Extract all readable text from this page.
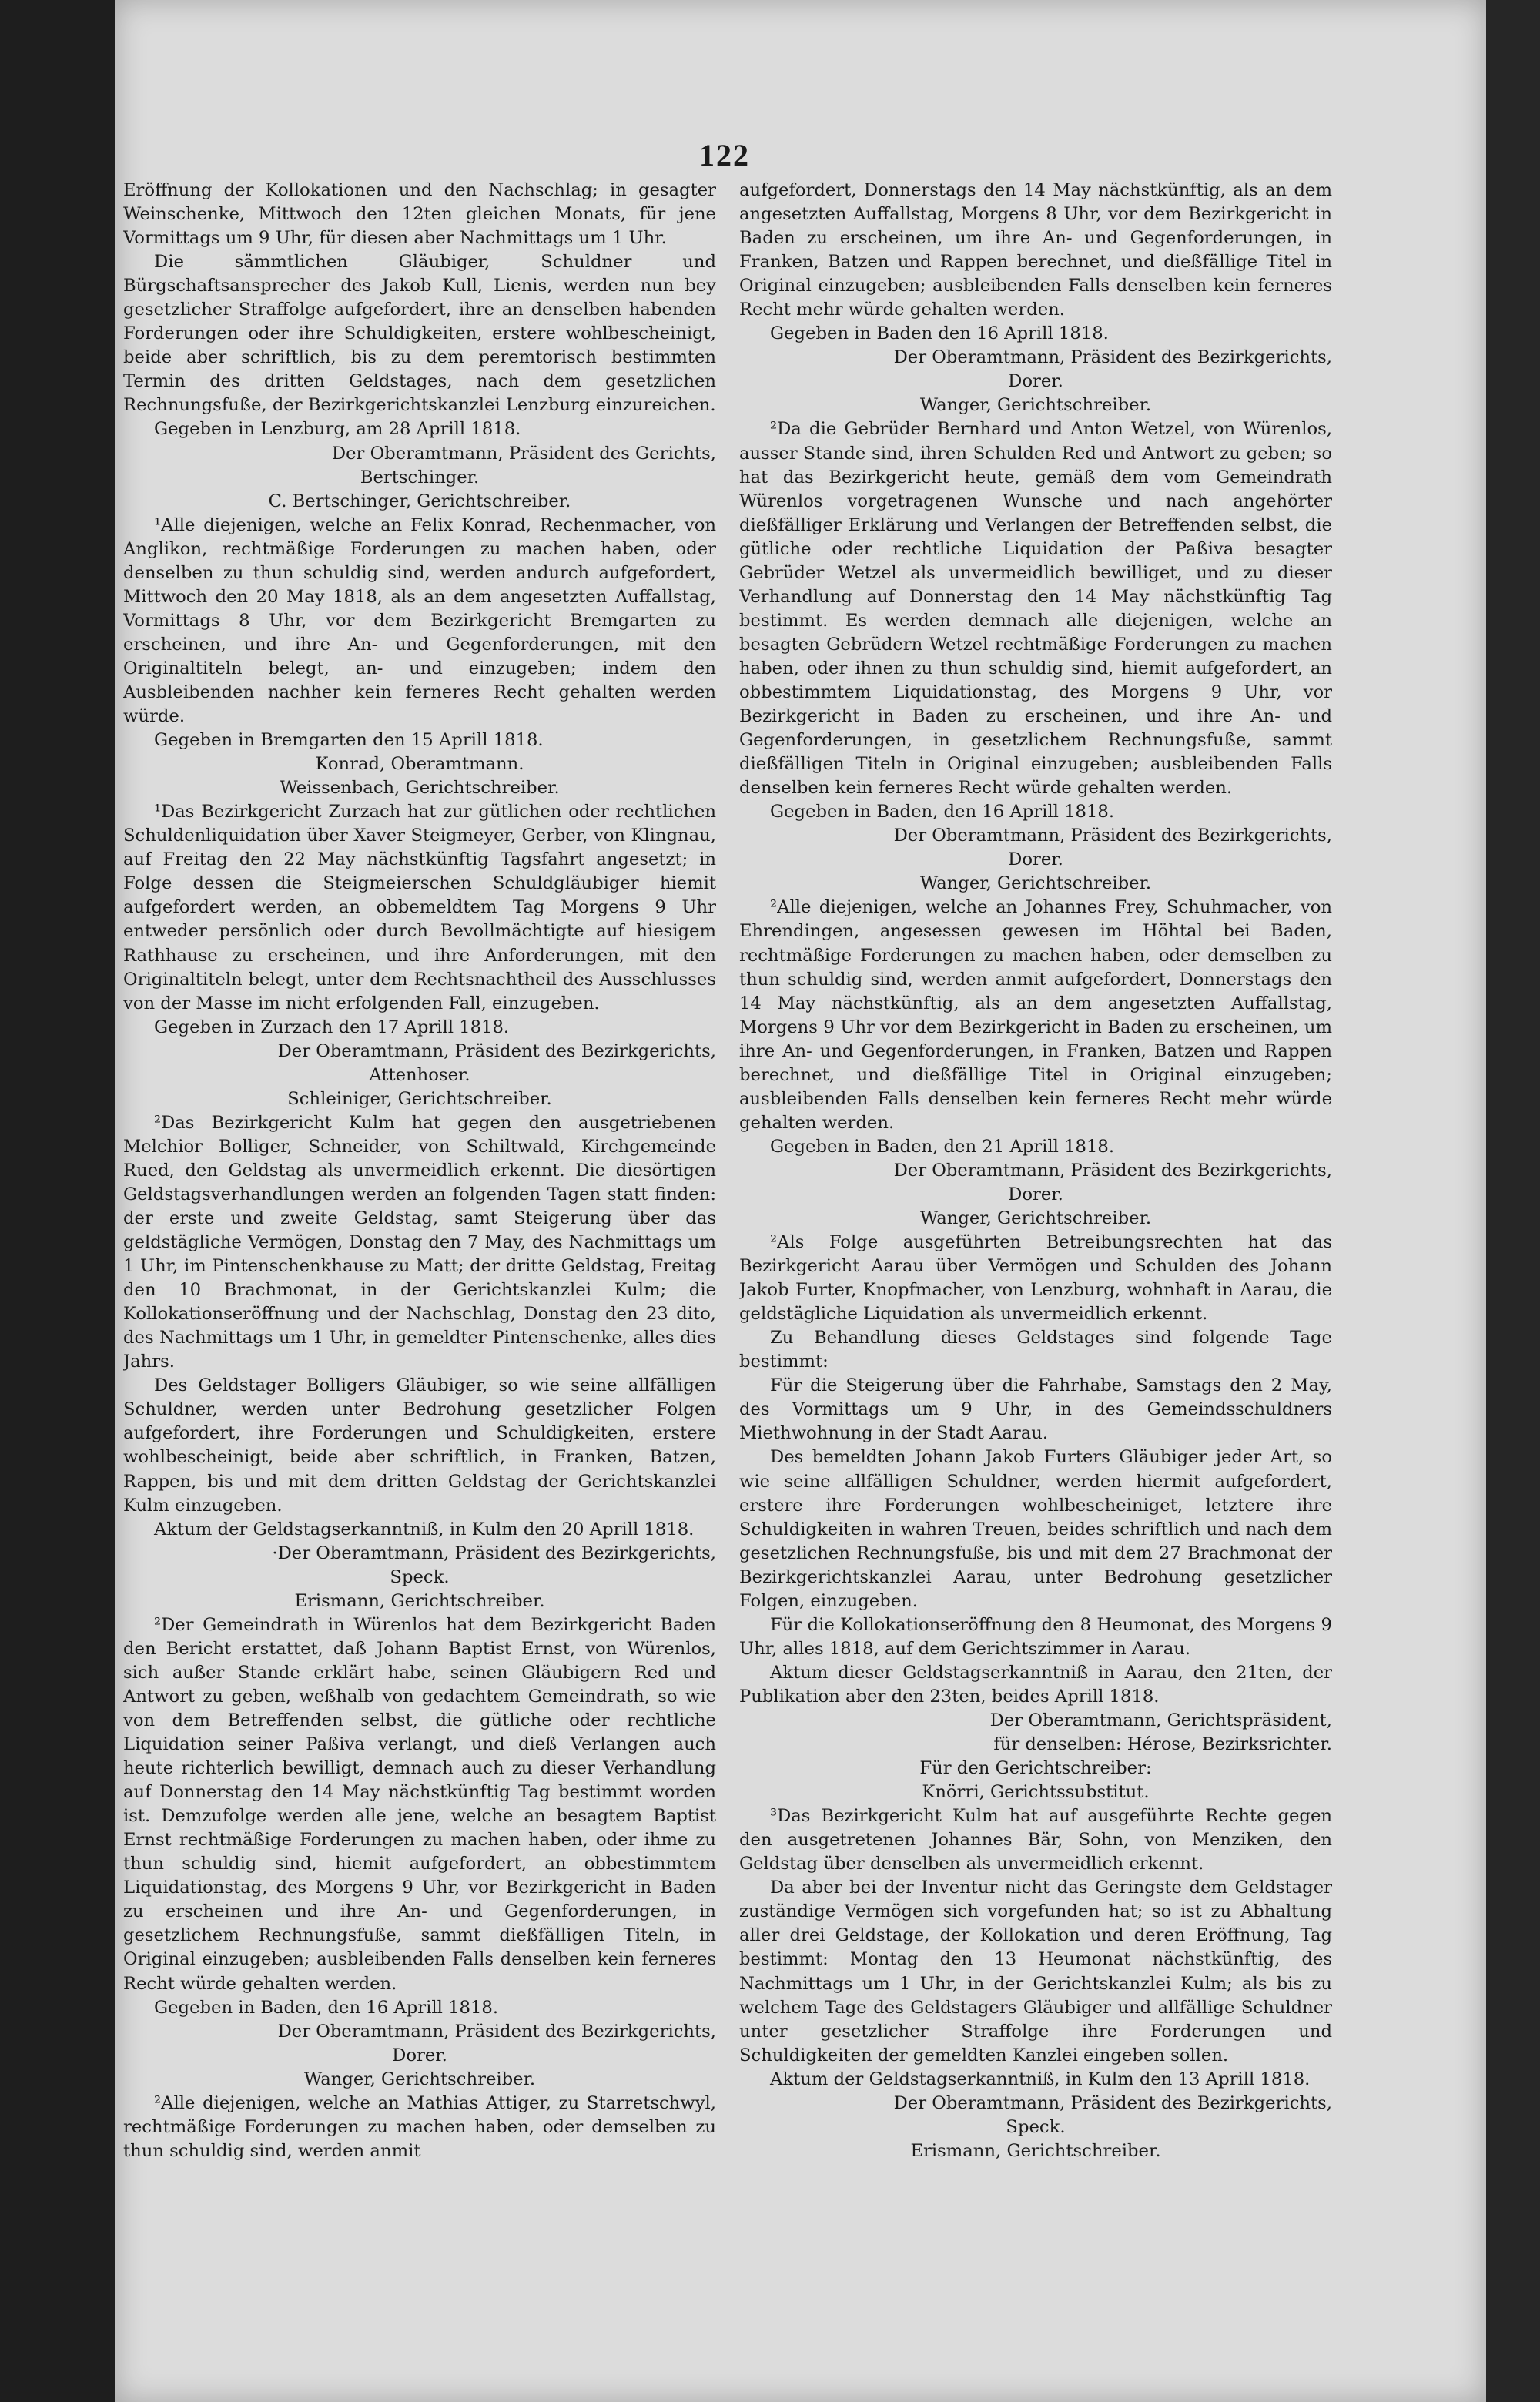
122

Eröffnung der Kollokationen und den Nachschlag; in gesagter Weinschenke, Mittwoch den 12ten gleichen Monats, für jene Vormittags um 9 Uhr, für diesen aber Nachmittags um 1 Uhr.

Die sämmtlichen Gläubiger, Schuldner und Bürgschaftsansprecher des Jakob Kull, Lienis, werden nun bey gesetzlicher Straffolge aufgefordert, ihre an denselben habenden Forderungen oder ihre Schuldigkeiten, erstere wohlbescheinigt, beide aber schriftlich, bis zu dem peremtorisch bestimmten Termin des dritten Geldstages, nach dem gesetzlichen Rechnungsfuße, der Bezirkgerichtskanzlei Lenzburg einzureichen.

Gegeben in Lenzburg, am 28 Aprill 1818.

Der Oberamtmann, Präsident des Gerichts,

Bertschinger.

C. Bertschinger, Gerichtschreiber.

¹Alle diejenigen, welche an Felix Konrad, Rechenmacher, von Anglikon, rechtmäßige Forderungen zu machen haben, oder denselben zu thun schuldig sind, werden andurch aufgefordert, Mittwoch den 20 May 1818, als an dem angesetzten Auffallstag, Vormittags 8 Uhr, vor dem Bezirkgericht Bremgarten zu erscheinen, und ihre An- und Gegenforderungen, mit den Originaltiteln belegt, an- und einzugeben; indem den Ausbleibenden nachher kein ferneres Recht gehalten werden würde.

Gegeben in Bremgarten den 15 Aprill 1818.

Konrad, Oberamtmann.

Weissenbach, Gerichtschreiber.

¹Das Bezirkgericht Zurzach hat zur gütlichen oder rechtlichen Schuldenliquidation über Xaver Steigmeyer, Gerber, von Klingnau, auf Freitag den 22 May nächstkünftig Tagsfahrt angesetzt; in Folge dessen die Steigmeierschen Schuldgläubiger hiemit aufgefordert werden, an obbemeldtem Tag Morgens 9 Uhr entweder persönlich oder durch Bevollmächtigte auf hiesigem Rathhause zu erscheinen, und ihre Anforderungen, mit den Originaltiteln belegt, unter dem Rechtsnachtheil des Ausschlusses von der Masse im nicht erfolgenden Fall, einzugeben.

Gegeben in Zurzach den 17 Aprill 1818.

Der Oberamtmann, Präsident des Bezirkgerichts,

Attenhoser.

Schleiniger, Gerichtschreiber.

²Das Bezirkgericht Kulm hat gegen den ausgetriebenen Melchior Bolliger, Schneider, von Schiltwald, Kirchgemeinde Rued, den Geldstag als unvermeidlich erkennt. Die diesörtigen Geldstagsverhandlungen werden an folgenden Tagen statt finden: der erste und zweite Geldstag, samt Steigerung über das geldstägliche Vermögen, Donstag den 7 May, des Nachmittags um 1 Uhr, im Pintenschenkhause zu Matt; der dritte Geldstag, Freitag den 10 Brachmonat, in der Gerichtskanzlei Kulm; die Kollokationseröffnung und der Nachschlag, Donstag den 23 dito, des Nachmittags um 1 Uhr, in gemeldter Pintenschenke, alles dies Jahrs.

Des Geldstager Bolligers Gläubiger, so wie seine allfälligen Schuldner, werden unter Bedrohung gesetzlicher Folgen aufgefordert, ihre Forderungen und Schuldigkeiten, erstere wohlbescheinigt, beide aber schriftlich, in Franken, Batzen, Rappen, bis und mit dem dritten Geldstag der Gerichtskanzlei Kulm einzugeben.

Aktum der Geldstagserkanntniß, in Kulm den 20 Aprill 1818.

·Der Oberamtmann, Präsident des Bezirkgerichts,

Speck.

Erismann, Gerichtschreiber.

²Der Gemeindrath in Würenlos hat dem Bezirkgericht Baden den Bericht erstattet, daß Johann Baptist Ernst, von Würenlos, sich außer Stande erklärt habe, seinen Gläubigern Red und Antwort zu geben, weßhalb von gedachtem Gemeindrath, so wie von dem Betreffenden selbst, die gütliche oder rechtliche Liquidation seiner Paßiva verlangt, und dieß Verlangen auch heute richterlich bewilligt, demnach auch zu dieser Verhandlung auf Donnerstag den 14 May nächstkünftig Tag bestimmt worden ist. Demzufolge werden alle jene, welche an besagtem Baptist Ernst rechtmäßige Forderungen zu machen haben, oder ihme zu thun schuldig sind, hiemit aufgefordert, an obbestimmtem Liquidationstag, des Morgens 9 Uhr, vor Bezirkgericht in Baden zu erscheinen und ihre An- und Gegenforderungen, in gesetzlichem Rechnungsfuße, sammt dießfälligen Titeln, in Original einzugeben; ausbleibenden Falls denselben kein ferneres Recht würde gehalten werden.

Gegeben in Baden, den 16 Aprill 1818.

Der Oberamtmann, Präsident des Bezirkgerichts,

Dorer.

Wanger, Gerichtschreiber.

²Alle diejenigen, welche an Mathias Attiger, zu Starretschwyl, rechtmäßige Forderungen zu machen haben, oder demselben zu thun schuldig sind, werden anmit

aufgefordert, Donnerstags den 14 May nächstkünftig, als an dem angesetzten Auffallstag, Morgens 8 Uhr, vor dem Bezirkgericht in Baden zu erscheinen, um ihre An- und Gegenforderungen, in Franken, Batzen und Rappen berechnet, und dießfällige Titel in Original einzugeben; ausbleibenden Falls denselben kein ferneres Recht mehr würde gehalten werden.

Gegeben in Baden den 16 Aprill 1818.

Der Oberamtmann, Präsident des Bezirkgerichts,

Dorer.

Wanger, Gerichtschreiber.

²Da die Gebrüder Bernhard und Anton Wetzel, von Würenlos, ausser Stande sind, ihren Schulden Red und Antwort zu geben; so hat das Bezirkgericht heute, gemäß dem vom Gemeindrath Würenlos vorgetragenen Wunsche und nach angehörter dießfälliger Erklärung und Verlangen der Betreffenden selbst, die gütliche oder rechtliche Liquidation der Paßiva besagter Gebrüder Wetzel als unvermeidlich bewilliget, und zu dieser Verhandlung auf Donnerstag den 14 May nächstkünftig Tag bestimmt. Es werden demnach alle diejenigen, welche an besagten Gebrüdern Wetzel rechtmäßige Forderungen zu machen haben, oder ihnen zu thun schuldig sind, hiemit aufgefordert, an obbestimmtem Liquidationstag, des Morgens 9 Uhr, vor Bezirkgericht in Baden zu erscheinen, und ihre An- und Gegenforderungen, in gesetzlichem Rechnungsfuße, sammt dießfälligen Titeln in Original einzugeben; ausbleibenden Falls denselben kein ferneres Recht würde gehalten werden.

Gegeben in Baden, den 16 Aprill 1818.

Der Oberamtmann, Präsident des Bezirkgerichts,

Dorer.

Wanger, Gerichtschreiber.

²Alle diejenigen, welche an Johannes Frey, Schuhmacher, von Ehrendingen, angesessen gewesen im Höhtal bei Baden, rechtmäßige Forderungen zu machen haben, oder demselben zu thun schuldig sind, werden anmit aufgefordert, Donnerstags den 14 May nächstkünftig, als an dem angesetzten Auffallstag, Morgens 9 Uhr vor dem Bezirkgericht in Baden zu erscheinen, um ihre An- und Gegenforderungen, in Franken, Batzen und Rappen berechnet, und dießfällige Titel in Original einzugeben; ausbleibenden Falls denselben kein ferneres Recht mehr würde gehalten werden.

Gegeben in Baden, den 21 Aprill 1818.

Der Oberamtmann, Präsident des Bezirkgerichts,

Dorer.

Wanger, Gerichtschreiber.

²Als Folge ausgeführten Betreibungsrechten hat das Bezirkgericht Aarau über Vermögen und Schulden des Johann Jakob Furter, Knopfmacher, von Lenzburg, wohnhaft in Aarau, die geldstägliche Liquidation als unvermeidlich erkennt.

Zu Behandlung dieses Geldstages sind folgende Tage bestimmt:

Für die Steigerung über die Fahrhabe, Samstags den 2 May, des Vormittags um 9 Uhr, in des Gemeindsschuldners Miethwohnung in der Stadt Aarau.

Des bemeldten Johann Jakob Furters Gläubiger jeder Art, so wie seine allfälligen Schuldner, werden hiermit aufgefordert, erstere ihre Forderungen wohlbescheiniget, letztere ihre Schuldigkeiten in wahren Treuen, beides schriftlich und nach dem gesetzlichen Rechnungsfuße, bis und mit dem 27 Brachmonat der Bezirkgerichtskanzlei Aarau, unter Bedrohung gesetzlicher Folgen, einzugeben.

Für die Kollokationseröffnung den 8 Heumonat, des Morgens 9 Uhr, alles 1818, auf dem Gerichtszimmer in Aarau.

Aktum dieser Geldstagserkanntniß in Aarau, den 21ten, der Publikation aber den 23ten, beides Aprill 1818.

Der Oberamtmann, Gerichtspräsident,

für denselben: Hérose, Bezirksrichter.

Für den Gerichtschreiber:

Knörri, Gerichtssubstitut.

³Das Bezirkgericht Kulm hat auf ausgeführte Rechte gegen den ausgetretenen Johannes Bär, Sohn, von Menziken, den Geldstag über denselben als unvermeidlich erkennt.

Da aber bei der Inventur nicht das Geringste dem Geldstager zuständige Vermögen sich vorgefunden hat; so ist zu Abhaltung aller drei Geldstage, der Kollokation und deren Eröffnung, Tag bestimmt: Montag den 13 Heumonat nächstkünftig, des Nachmittags um 1 Uhr, in der Gerichtskanzlei Kulm; als bis zu welchem Tage des Geldstagers Gläubiger und allfällige Schuldner unter gesetzlicher Straffolge ihre Forderungen und Schuldigkeiten der gemeldten Kanzlei eingeben sollen.

Aktum der Geldstagserkanntniß, in Kulm den 13 Aprill 1818.

Der Oberamtmann, Präsident des Bezirkgerichts,

Speck.

Erismann, Gerichtschreiber.
